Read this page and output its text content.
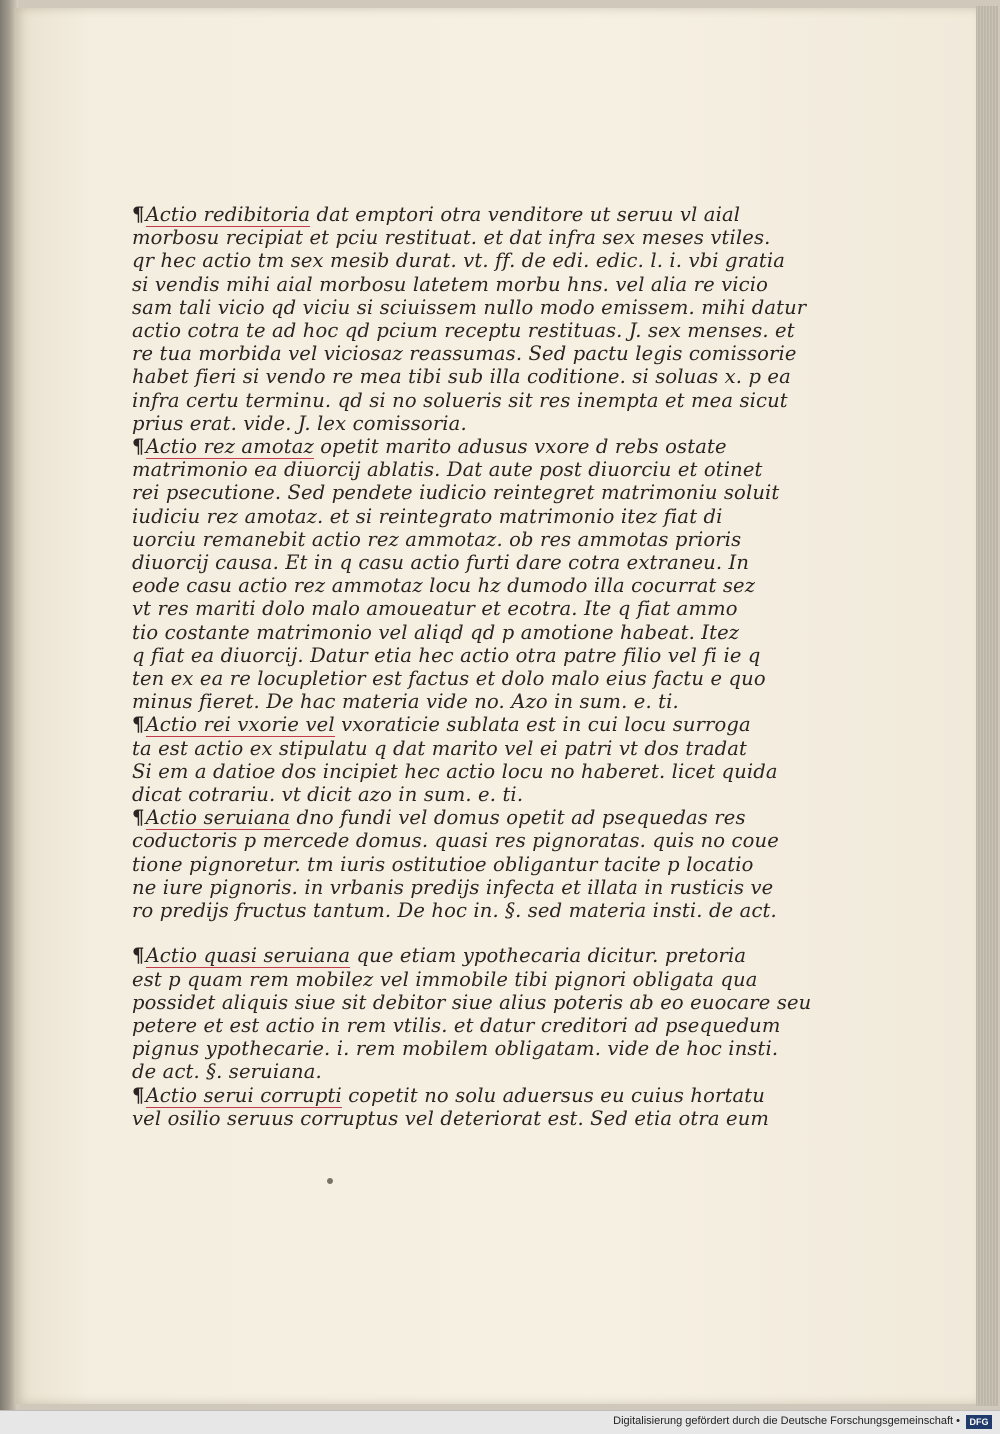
¶Actio redibitoria dat emptori otra venditore ut seruu vl aial
morbosu recipiat et pciu restituat. et dat infra sex meses vtiles.
qr hec actio tm sex mesib durat. vt. ff. de edi. edic. l. i. vbi gratia
si vendis mihi aial morbosu latetem morbu hns. vel alia re vicio
sam tali vicio qd viciu si sciuissem nullo modo emissem. mihi datur
actio cotra te ad hoc qd pcium receptu restituas. J. sex menses. et
re tua morbida vel viciosaz reassumas. Sed pactu legis comissorie
habet fieri si vendo re mea tibi sub illa coditione. si soluas x. p ea
infra certu terminu. qd si no solueris sit res inempta et mea sicut
prius erat. vide. J. lex comissoria.
¶Actio rez amotaz opetit marito adusus vxore d rebs ostate
matrimonio ea diuorcij ablatis. Dat aute post diuorciu et otinet
rei psecutione. Sed pendete iudicio reintegret matrimoniu soluit
iudiciu rez amotaz. et si reintegrato matrimonio itez fiat di
uorciu remanebit actio rez ammotaz. ob res ammotas prioris
diuorcij causa. Et in q casu actio furti dare cotra extraneu. In
eode casu actio rez ammotaz locu hz dumodo illa cocurrat sez
vt res mariti dolo malo amoueatur et ecotra. Ite q fiat ammo
tio costante matrimonio vel aliqd qd p amotione habeat. Itez
q fiat ea diuorcij. Datur etia hec actio otra patre filio vel fi ie q
ten ex ea re locupletior est factus et dolo malo eius factu e quo
minus fieret. De hac materia vide no. Azo in sum. e. ti.
¶Actio rei vxorie vel vxoraticie sublata est in cui locu surroga
ta est actio ex stipulatu q dat marito vel ei patri vt dos tradat
Si em a datioe dos incipiet hec actio locu no haberet. licet quida
dicat cotrariu. vt dicit azo in sum. e. ti.
¶Actio seruiana dno fundi vel domus opetit ad psequedas res
coductoris p mercede domus. quasi res pignoratas. quis no coue
tione pignoretur. tm iuris ostitutioe obligantur tacite p locatio
ne iure pignoris. in vrbanis predijs infecta et illata in rusticis ve
ro predijs fructus tantum. De hoc in. §. sed materia insti. de act.
¶Actio quasi seruiana que etiam ypothecaria dicitur. pretoria
est p quam rem mobilez vel immobile tibi pignori obligata qua
possidet aliquis siue sit debitor siue alius poteris ab eo euocare seu
petere et est actio in rem vtilis. et datur creditori ad psequedum
pignus ypothecarie. i. rem mobilem obligatam. vide de hoc insti.
de act. §. seruiana.
¶Actio serui corrupti copetit no solu aduersus eu cuius hortatu
vel osilio seruus corruptus vel deteriorat est. Sed etia otra eum
Digitalisierung gefördert durch die Deutsche Forschungsgemeinschaft •	DFG
